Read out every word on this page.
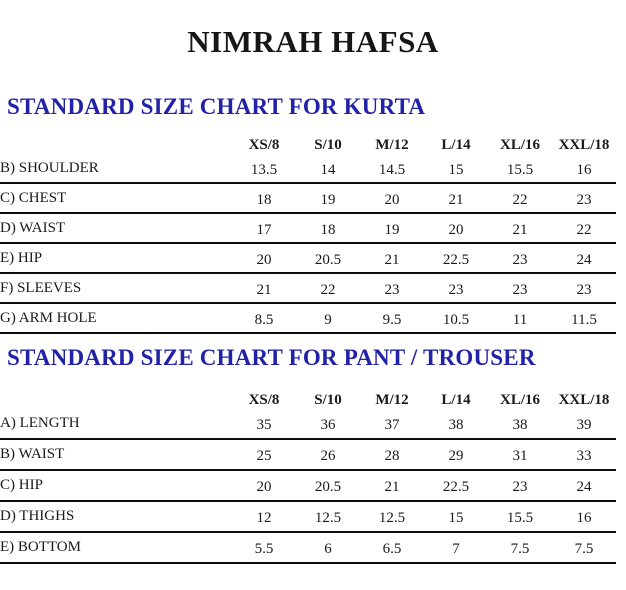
NIMRAH HAFSA
STANDARD SIZE CHART FOR KURTA
	XS/8	S/10	M/12	L/14	XL/16	XXL/18
B) SHOULDER	13.5	14	14.5	15	15.5	16
C) CHEST	18	19	20	21	22	23
D) WAIST	17	18	19	20	21	22
E) HIP	20	20.5	21	22.5	23	24
F) SLEEVES	21	22	23	23	23	23
G) ARM HOLE	8.5	9	9.5	10.5	11	11.5
STANDARD SIZE CHART FOR PANT / TROUSER
	XS/8	S/10	M/12	L/14	XL/16	XXL/18
A) LENGTH	35	36	37	38	38	39
B) WAIST	25	26	28	29	31	33
C) HIP	20	20.5	21	22.5	23	24
D) THIGHS	12	12.5	12.5	15	15.5	16
E) BOTTOM	5.5	6	6.5	7	7.5	7.5
